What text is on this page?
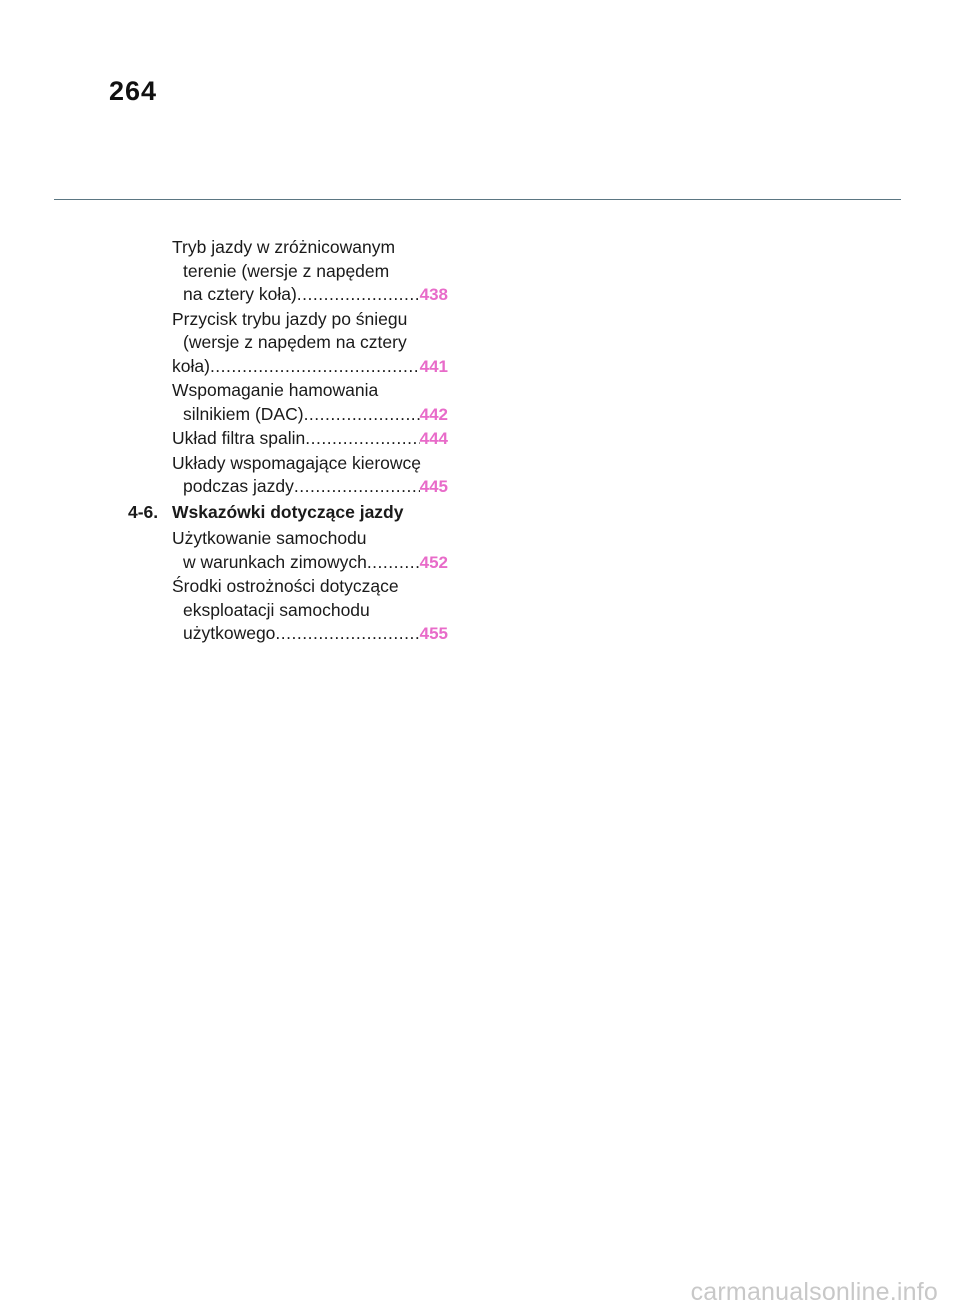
264
Tryb jazdy w zróżnicowanym
terenie (wersje z napędem
na cztery koła) .....	438
Przycisk trybu jazdy po śniegu
(wersje z napędem na cztery
koła) .....	441
Wspomaganie hamowania
silnikiem (DAC) .....	442
Układ filtra spalin .....	444
Układy wspomagające kierowcę
podczas jazdy .....	445
4-6. Wskazówki dotyczące jazdy
Użytkowanie samochodu
w warunkach zimowych .....	452
Środki ostrożności dotyczące
eksploatacji samochodu
użytkowego .....	455
carmanualsonline.info
